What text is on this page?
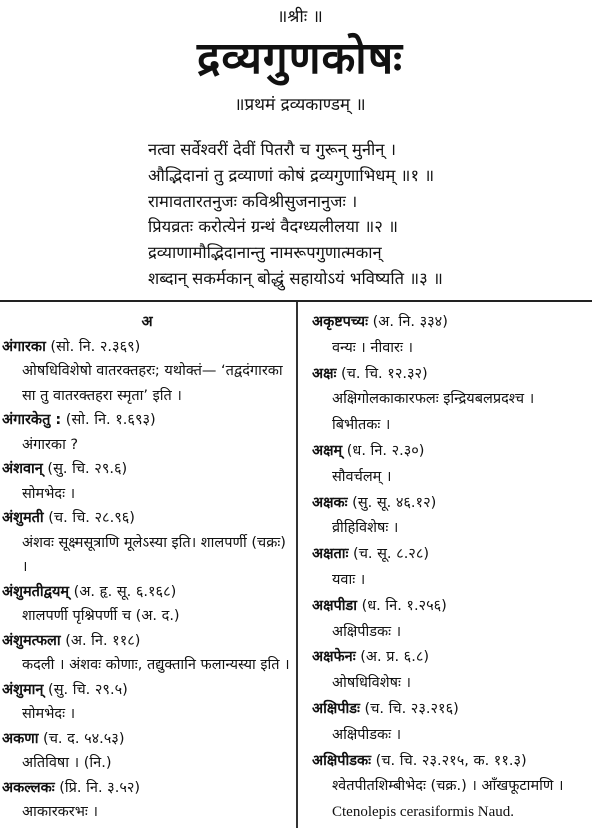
॥श्रीः ॥
द्रव्यगुणकोषः
॥प्रथमं द्रव्यकाण्डम् ॥
नत्वा सर्वेश्वरीं देवीं पितरौ च गुरून् मुनीन् ।
औद्भिदानां तु द्रव्याणां कोषं द्रव्यगुणाभिधम् ॥१ ॥
रामावतारतनुजः कविश्रीसुजनानुजः ।
प्रियव्रतः करोत्येनं ग्रन्थं वैदग्ध्यलीलया ॥२ ॥
द्रव्याणामौद्भिदानान्तु नामरूपगुणात्मकान्
शब्दान् सकर्मकान् बोद्धुं सहायोऽयं भविष्यति ॥३ ॥
अ
अंगारका (सो. नि. २.३६९)
ओषधिविशेषो वातरक्तहरः; यथोक्तं— ‘तद्वदंगारका सा तु वातरक्तहरा स्मृता’ इति ।
अंगारकेतु : (सो. नि. १.६९३)
अंगारका ?
अंशवान् (सु. चि. २९.६)
सोमभेदः ।
अंशुमती (च. चि. २८.९६)
अंशवः सूक्ष्मसूत्राणि मूलेऽस्या इति। शालपर्णी (चक्रः) ।
अंशुमतीद्वयम् (अ. हृ. सू. ६.१६८)
शालपर्णी पृश्निपर्णी च (अ. द.)
अंशुमत्फला (अ. नि. ११८)
कदली । अंशवः कोणाः, तद्युक्तानि फलान्यस्या इति ।
अंशुमान् (सु. चि. २९.५)
सोमभेदः ।
अकणा (च. द. ५४.५३)
अतिविषा । (नि.)
अकल्लकः (प्रि. नि. ३.५२)
आकारकरभः ।
अकृष्टपच्यः (अ. नि. ३३४)
वन्यः । नीवारः ।
अक्षः (च. चि. १२.३२)
अक्षिगोलकाकारफलः इन्द्रियबलप्रदश्च ।
बिभीतकः ।
अक्षम् (ध. नि. २.३०)
सौवर्चलम् ।
अक्षकः (सु. सू. ४६.१२)
व्रीहिविशेषः ।
अक्षताः (च. सू. ८.२८)
यवाः ।
अक्षपीडा (ध. नि. १.२५६)
अक्षिपीडकः ।
अक्षफेनः (अ. प्र. ६.८)
ओषधिविशेषः ।
अक्षिपीडः (च. चि. २३.२१६)
अक्षिपीडकः ।
अक्षिपीडकः (च. चि. २३.२१५, क. ११.३)
श्वेतपीतशिम्बीभेदः (चक्र.) । आँखफूटामणि ।
Ctenolepis cerasiformis Naud.
